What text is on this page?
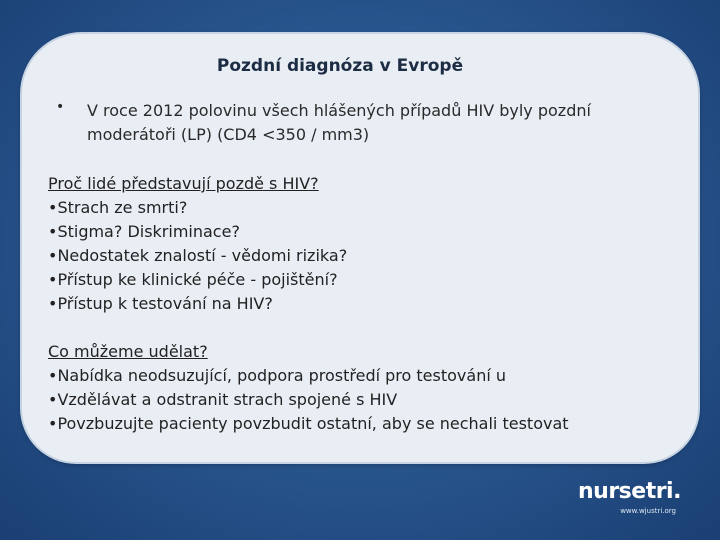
Pozdní diagnóza v Evropě
• V roce 2012 polovinu všech hlášených případů HIV byly pozdní moderátoři (LP) (CD4 <350 / mm3)
Proč lidé představují pozdě s HIV?
• Strach ze smrti?
• Stigma? Diskriminace?
• Nedostatek znalostí - vědomi rizika?
• Přístup ke klinické péče - pojištění?
• Přístup k testování na HIV?
Co můžeme udělat?
• Nabídka neodsuzující, podpora prostředí pro testování u
• Vzdělávat a odstranit strach spojené s HIV
• Povzbuzujte pacienty povzbudit ostatní, aby se nechali testovat
nursetri.
www.wjustri.org
